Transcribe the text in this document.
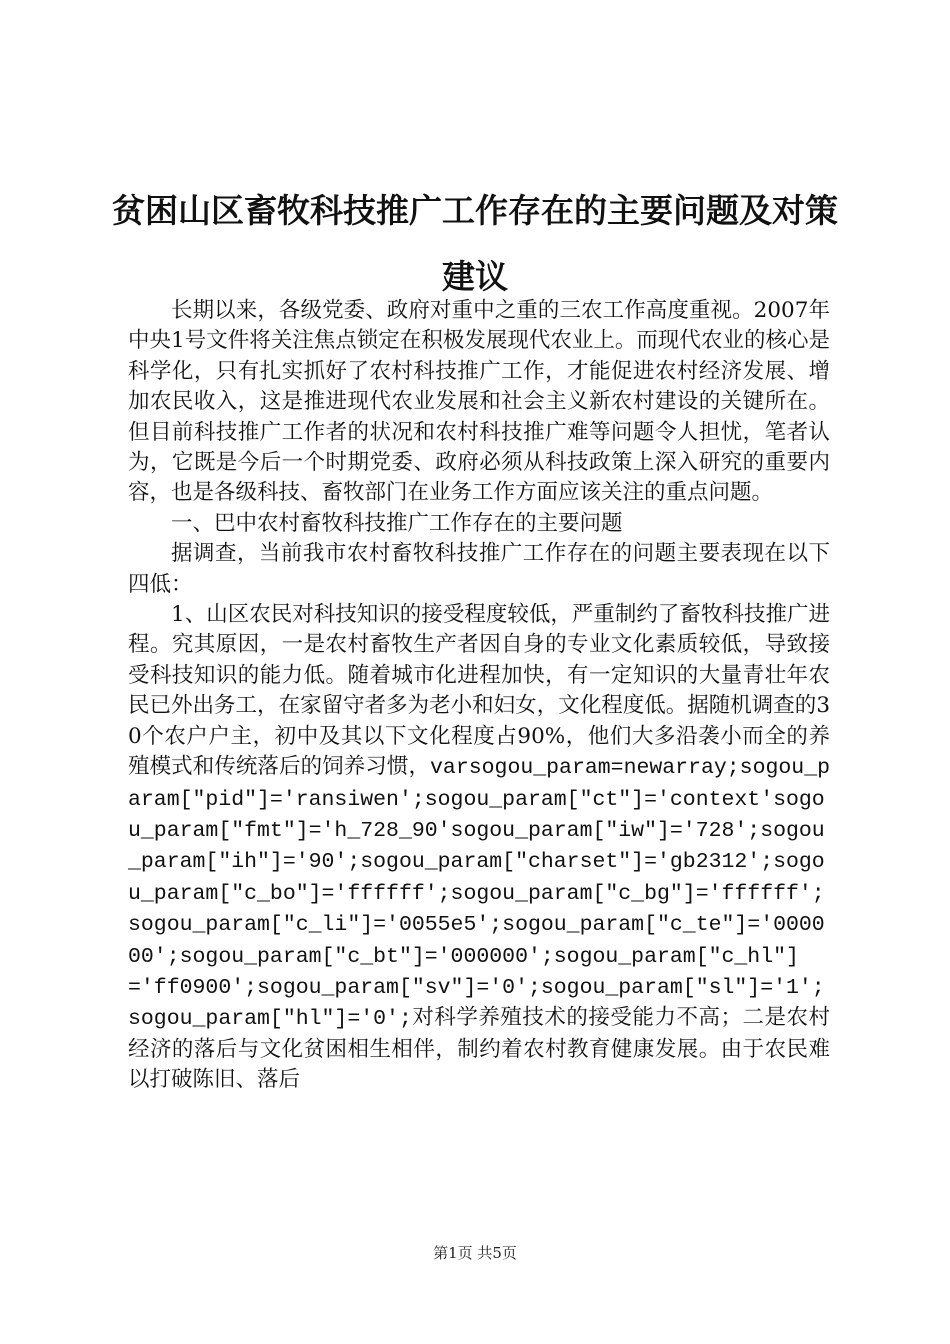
贫困山区畜牧科技推广工作存在的主要问题及对策建议

长期以来，各级党委、政府对重中之重的三农工作高度重视。2007年中央1号文件将关注焦点锁定在积极发展现代农业上。而现代农业的核心是科学化，只有扎实抓好了农村科技推广工作，才能促进农村经济发展、增加农民收入，这是推进现代农业发展和社会主义新农村建设的关键所在。但目前科技推广工作者的状况和农村科技推广难等问题令人担忧，笔者认为，它既是今后一个时期党委、政府必须从科技政策上深入研究的重要内容，也是各级科技、畜牧部门在业务工作方面应该关注的重点问题。

一、巴中农村畜牧科技推广工作存在的主要问题

据调查，当前我市农村畜牧科技推广工作存在的问题主要表现在以下四低：

1、山区农民对科技知识的接受程度较低，严重制约了畜牧科技推广进程。究其原因，一是农村畜牧生产者因自身的专业文化素质较低，导致接受科技知识的能力低。随着城市化进程加快，有一定知识的大量青壮年农民已外出务工，在家留守者多为老小和妇女，文化程度低。据随机调查的30个农户户主，初中及其以下文化程度占90%，他们大多沿袭小而全的养殖模式和传统落后的饲养习惯，varsogou_param=newarray;sogou_param["pid"]='ransiwen';sogou_param["ct"]='context'sogou_param["fmt"]='h_728_90'sogou_param["iw"]='728';sogou_param["ih"]='90';sogou_param["charset"]='gb2312';sogou_param["c_bo"]='ffffff';sogou_param["c_bg"]='ffffff';sogou_param["c_li"]='0055e5';sogou_param["c_te"]='000000';sogou_param["c_bt"]='000000';sogou_param["c_hl"]='ff0900';sogou_param["sv"]='0';sogou_param["sl"]='1';sogou_param["hl"]='0';对科学养殖技术的接受能力不高；二是农村经济的落后与文化贫困相生相伴，制约着农村教育健康发展。由于农民难以打破陈旧、落后

第1页 共5页
